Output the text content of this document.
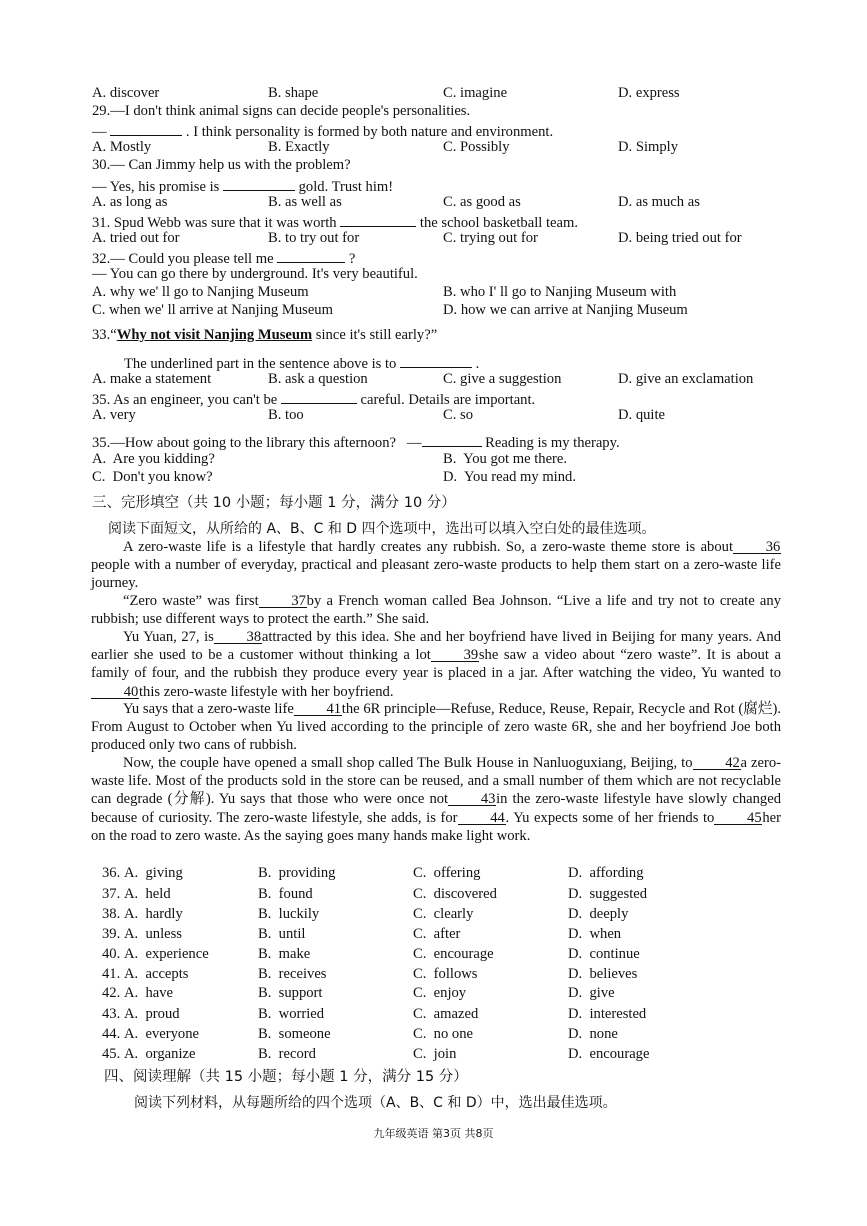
A. discover	B. shape	C. imagine	D. express
29.—I don't think animal signs can decide people's personalities.
—	. I think personality is formed by both nature and environment.
A. Mostly	B. Exactly	C. Possibly	D. Simply
30.— Can Jimmy help us with the problem?
— Yes, his promise is	gold. Trust him!
A. as long as	B. as well as	C. as good as	D. as much as
31. Spud Webb was sure that it was worth	the school basketball team.
A. tried out for	B. to try out for	C. trying out for	D. being tried out for
32.— Could you please tell me	?
— You can go there by underground. It's very beautiful.
A. why we' ll go to Nanjing Museum	B. who I' ll go to Nanjing Museum with
C. when we' ll arrive at Nanjing Museum	D. how we can arrive at Nanjing Museum
33.“Why not visit Nanjing Museum since it's still early?”
The underlined part in the sentence above is to	.
A. make a statement	B. ask a question	C. give a suggestion	D. give an exclamation
35. As an engineer, you can't be	careful. Details are important.
A. very	B. too	C. so	D. quite
35.—How about going to the library this afternoon?   —	Reading is my therapy.
A.  Are you kidding?	B.  You got me there.
C.  Don't you know?	D.  You read my mind.
三、完形填空（共 10 小题；每小题 1 分，满分 10 分）
阅读下面短文，从所给的 A、B、C 和 D 四个选项中，选出可以填入空白处的最佳选项。
A zero-waste life is a lifestyle that hardly creates any rubbish. So, a zero-waste theme store is about 36people with a number of everyday, practical and pleasant zero-waste products to help them start on a zero-waste life journey.
“Zero waste” was first 37by a French woman called Bea Johnson. “Live a life and try not to create any rubbish; use different ways to protect the earth.” She said.
Yu Yuan, 27, is 38attracted by this idea. She and her boyfriend have lived in Beijing for many years. And earlier she used to be a customer without thinking a lot 39she saw a video about “zero waste”. It is about a family of four, and the rubbish they produce every year is placed in a jar. After watching the video, Yu wanted to40this zero-waste lifestyle with her boyfriend.
Yu says that a zero-waste life 41the 6R principle—Refuse, Reduce, Reuse, Repair, Recycle and Rot (腐烂). From August to October when Yu lived according to the principle of zero waste 6R, she and her boyfriend Joe both produced only two cans of rubbish.
Now, the couple have opened a small shop called The Bulk House in Nanluoguxiang, Beijing, to 42a zero-waste life. Most of the products sold in the store can be reused, and a small number of them which are not recyclable can degrade (分解). Yu says that those who were once not 43in the zero-waste lifestyle have slowly changed because of curiosity. The zero-waste lifestyle, she adds, is for 44. Yu expects some of her friends to 45her on the road to zero waste. As the saying goes many hands make light work.
36. A.  giving	B.  providing	C.  offering	D.  affording
37. A.  held	B.  found	C.  discovered	D.  suggested
38. A.  hardly	B.  luckily	C.  clearly	D.  deeply
39. A.  unless	B.  until	C.  after	D.  when
40. A.  experience	B.  make	C.  encourage	D.  continue
41. A.  accepts	B.  receives	C.  follows	D.  believes
42. A.  have	B.  support	C.  enjoy	D.  give
43. A.  proud	B.  worried	C.  amazed	D.  interested
44. A.  everyone	B.  someone	C.  no one	D.  none
45. A.  organize	B.  record	C.  join	D.  encourage
四、阅读理解（共 15 小题；每小题 1 分，满分 15 分）
阅读下列材料，从每题所给的四个选项（A、B、C 和 D）中，选出最佳选项。
九年级英语 第3页 共8页
